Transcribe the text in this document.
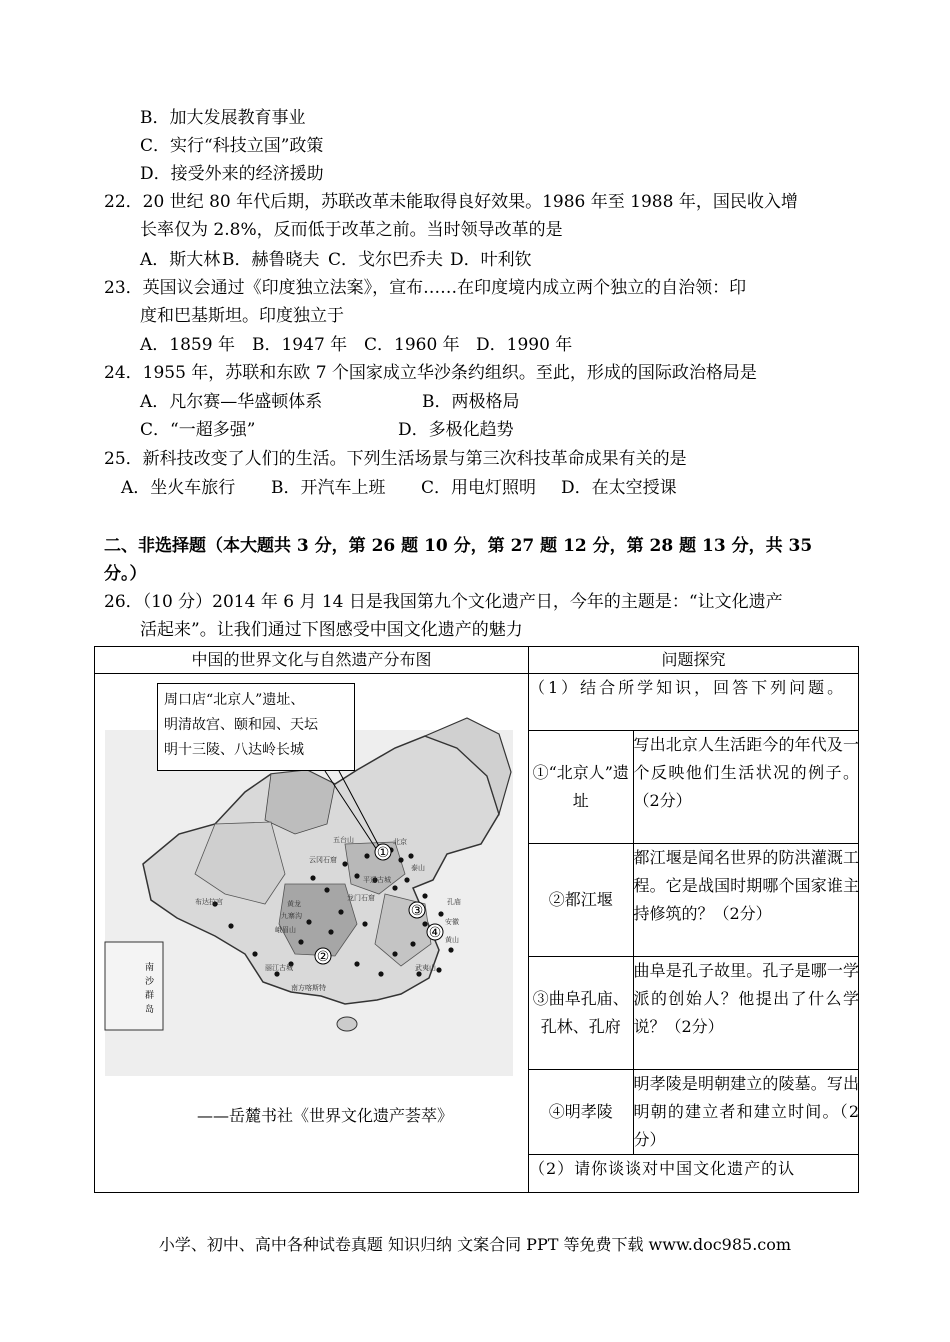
B．加大发展教育事业
C．实行“科技立国”政策
D．接受外来的经济援助
22．20 世纪 80 年代后期，苏联改革未能取得良好效果。1986 年至 1988 年，国民收入增
长率仅为 2.8%，反而低于改革之前。当时领导改革的是
A．斯大林 B．赫鲁晓夫 C．戈尔巴乔夫 D．叶利钦
23．英国议会通过《印度独立法案》，宣布……在印度境内成立两个独立的自治领：印
度和巴基斯坦。印度独立于
A．1859 年 B．1947 年 C．1960 年 D．1990 年
24．1955 年，苏联和东欧 7 个国家成立华沙条约组织。至此，形成的国际政治格局是
A．凡尔赛—华盛顿体系	B．两极格局
C．“一超多强”	D．多极化趋势
25．新科技改变了人们的生活。下列生活场景与第三次科技革命成果有关的是
A．坐火车旅行 B．开汽车上班 C．用电灯照明 D．在太空授课
二、非选择题（本大题共 3 分，第 26 题 10 分，第 27 题 12 分，第 28 题 13 分，共 35
分。）
26．（10 分）2014 年 6 月 14 日是我国第九个文化遗产日，今年的主题是：“让文化遗产
活起来”。让我们通过下图感受中国文化遗产的魅力
中国的世界文化与自然遗产分布图	问题探究

南
沙
群
岛
①
②
③
④
北京
五台山
平遥古城
云冈石窟
龙门石窟
泰山
孔庙
安徽
黄山
峨眉山
九寨沟
黄龙
武夷山
丽江古城
布达拉宫
南方喀斯特
周口店“北京人”遗址、
明清故宫、颐和园、天坛
明十三陵、八达岭长城
——岳麓书社《世界文化遗产荟萃》

（1）结合所学知识，回答下列问题。
①“北京人”遗址	写出北京人生活距今的年代及一个反映他们生活状况的例子。（2分）
②都江堰	都江堰是闻名世界的防洪灌溉工程。它是战国时期哪个国家谁主持修筑的？（2分）
③曲阜孔庙、孔林、孔府	曲阜是孔子故里。孔子是哪一学派的创始人？他提出了什么学说？（2分）
④明孝陵	明孝陵是明朝建立的陵墓。写出明朝的建立者和建立时间。（2分）
（2）请你谈谈对中国文化遗产的认
小学、初中、高中各种试卷真题 知识归纳 文案合同 PPT 等免费下载 www.doc985.com
